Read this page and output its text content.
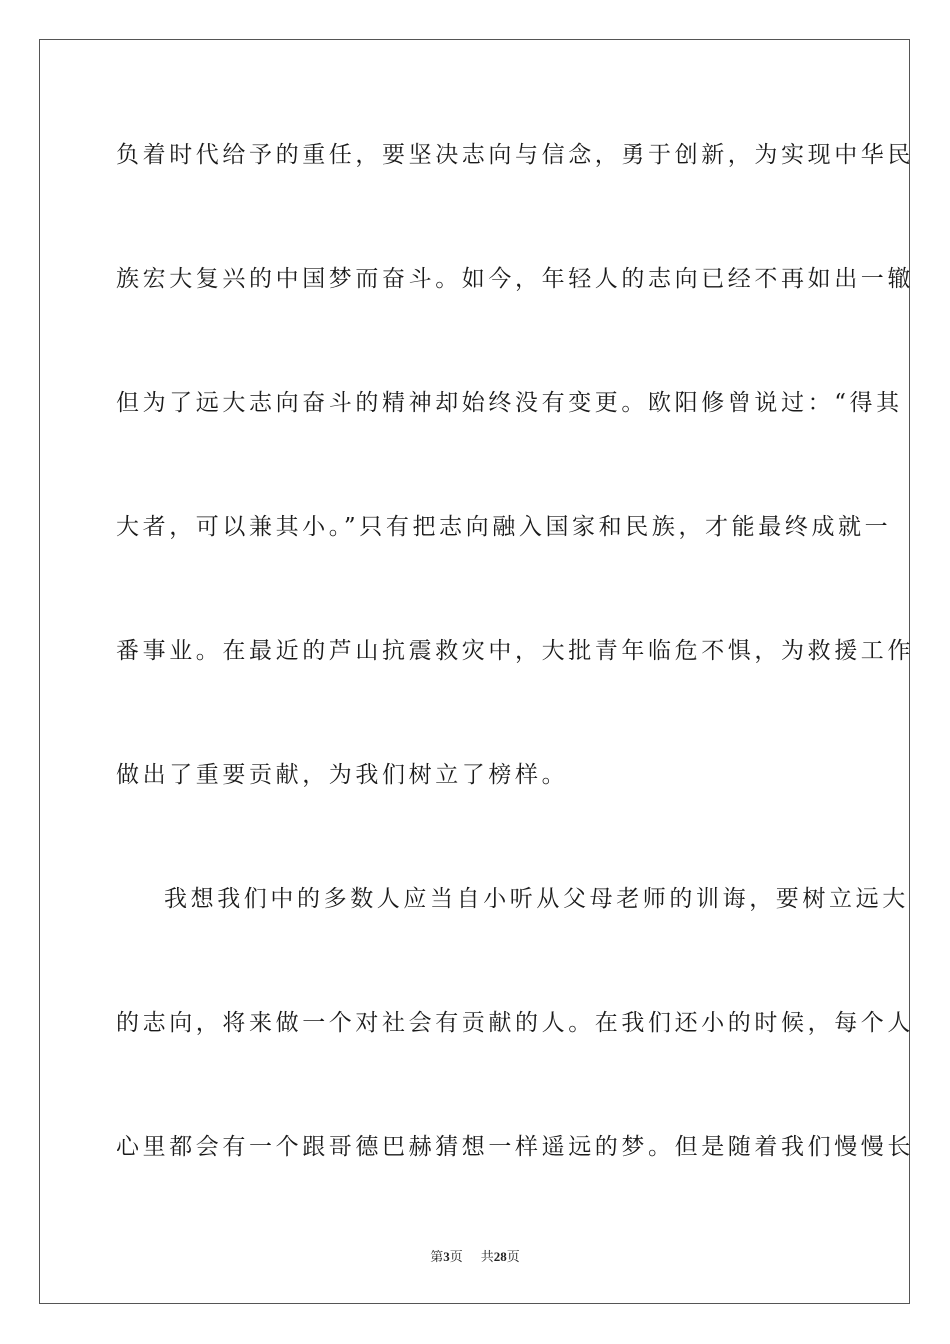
负着时代给予的重任，要坚决志向与信念，勇于创新，为实现中华民
族宏大复兴的中国梦而奋斗。如今，年轻人的志向已经不再如出一辙
但为了远大志向奋斗的精神却始终没有变更。欧阳修曾说过：“得其
大者，可以兼其小。”只有把志向融入国家和民族，才能最终成就一
番事业。在最近的芦山抗震救灾中，大批青年临危不惧，为救援工作
做出了重要贡献，为我们树立了榜样。
我想我们中的多数人应当自小听从父母老师的训诲，要树立远大
的志向，将来做一个对社会有贡献的人。在我们还小的时候，每个人
心里都会有一个跟哥德巴赫猜想一样遥远的梦。但是随着我们慢慢长
第3页 共28页
